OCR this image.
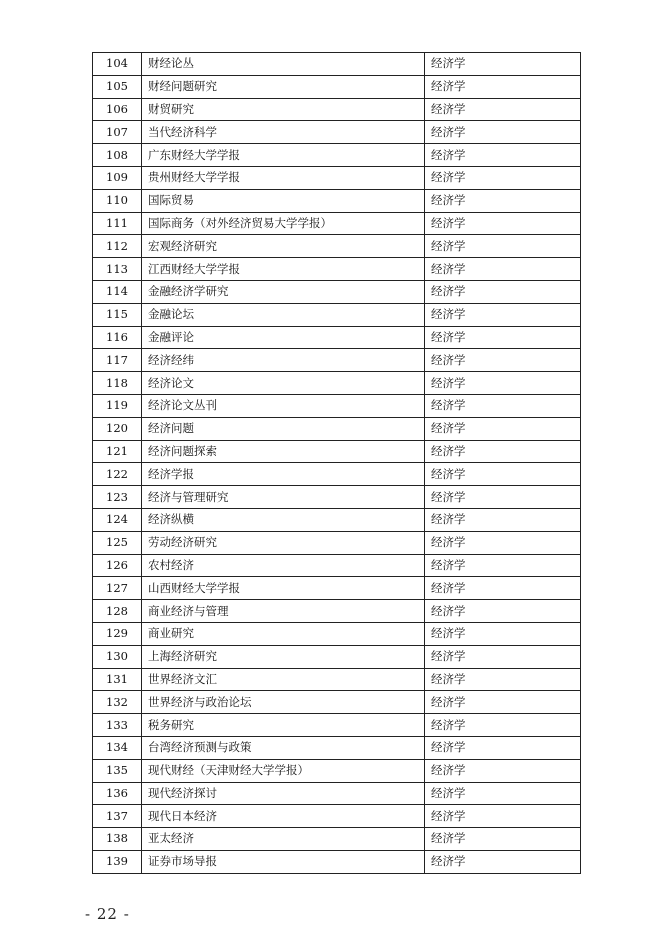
104	财经论丛	经济学
105	财经问题研究	经济学
106	财贸研究	经济学
107	当代经济科学	经济学
108	广东财经大学学报	经济学
109	贵州财经大学学报	经济学
110	国际贸易	经济学
111	国际商务（对外经济贸易大学学报）	经济学
112	宏观经济研究	经济学
113	江西财经大学学报	经济学
114	金融经济学研究	经济学
115	金融论坛	经济学
116	金融评论	经济学
117	经济经纬	经济学
118	经济论文	经济学
119	经济论文丛刊	经济学
120	经济问题	经济学
121	经济问题探索	经济学
122	经济学报	经济学
123	经济与管理研究	经济学
124	经济纵横	经济学
125	劳动经济研究	经济学
126	农村经济	经济学
127	山西财经大学学报	经济学
128	商业经济与管理	经济学
129	商业研究	经济学
130	上海经济研究	经济学
131	世界经济文汇	经济学
132	世界经济与政治论坛	经济学
133	税务研究	经济学
134	台湾经济预测与政策	经济学
135	现代财经（天津财经大学学报）	经济学
136	现代经济探讨	经济学
137	现代日本经济	经济学
138	亚太经济	经济学
139	证券市场导报	经济学
- 22 -
